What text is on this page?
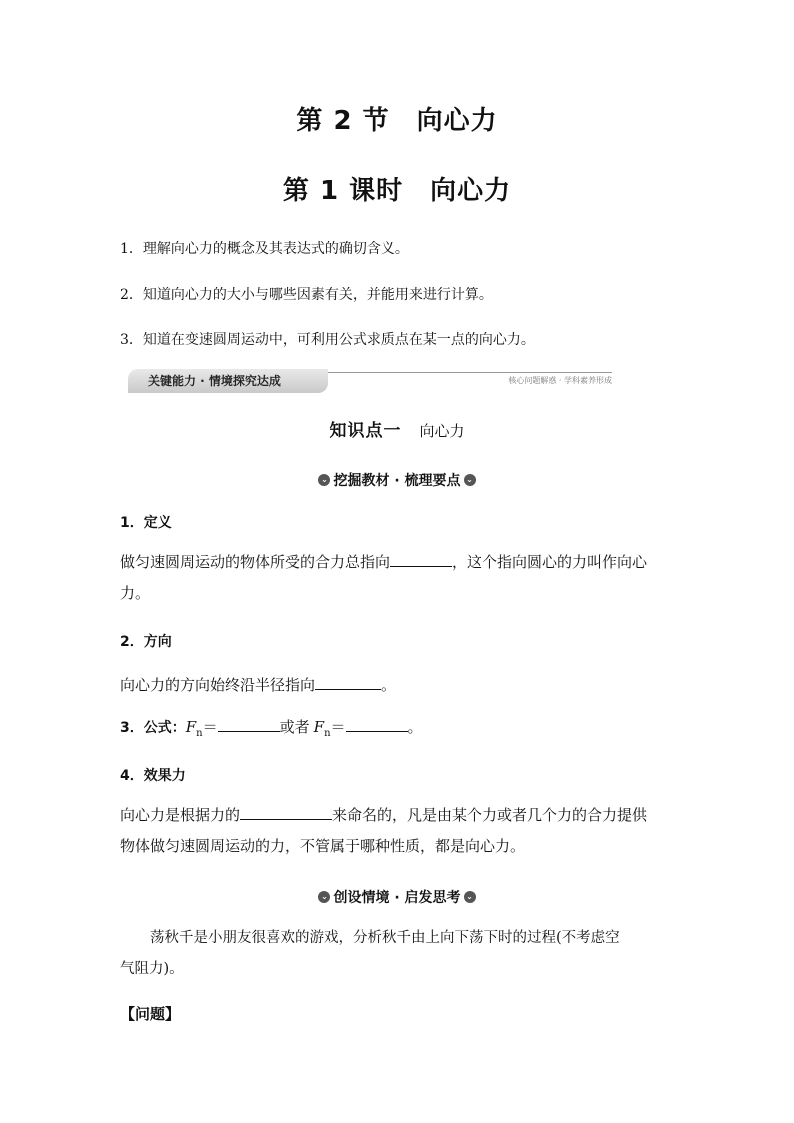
第 2 节　向心力
第 1 课时　向心力
1．理解向心力的概念及其表达式的确切含义。
2．知道向心力的大小与哪些因素有关，并能用来进行计算。
3．知道在变速圆周运动中，可利用公式求质点在某一点的向心力。
关键能力 · 情境探究达成	核心问题解惑 · 学科素养形成
知识点一 向心力
⌄ 挖掘教材 · 梳理要点 ⌄
1．定义
做匀速圆周运动的物体所受的合力总指向	，这个指向圆心的力叫作向心
力。
2．方向
向心力的方向始终沿半径指向	。
3．公式：$F_n=$	或者 $F_n=$	。
4．效果力
向心力是根据力的	来命名的，凡是由某个力或者几个力的合力提供
物体做匀速圆周运动的力，不管属于哪种性质，都是向心力。
⌄ 创设情境 · 启发思考 ⌄
荡秋千是小朋友很喜欢的游戏，分析秋千由上向下荡下时的过程(不考虑空
气阻力)。
【问题】
